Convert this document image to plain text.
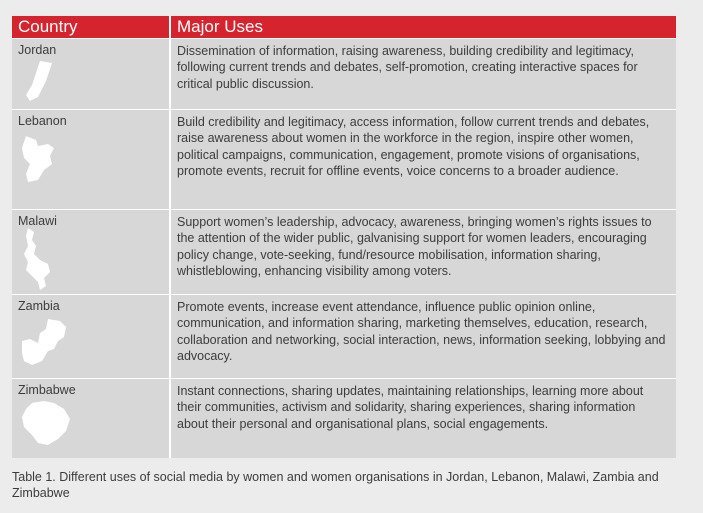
Country	Major Uses
Jordan	Dissemination of information, raising awareness, building credibility and legitimacy, following current trends and debates, self-promotion, creating interactive spaces for critical public discussion.
Lebanon	Build credibility and legitimacy, access information, follow current trends and debates, raise awareness about women in the workforce in the region, inspire other women, political campaigns, communication, engagement, promote visions of organisations, promote events, recruit for offline events, voice concerns to a broader audience.
Malawi	Support women’s leadership, advocacy, awareness, bringing women’s rights issues to the attention of the wider public, galvanising support for women leaders, encouraging policy change, vote-seeking, fund/resource mobilisation, information sharing, whistleblowing, enhancing visibility among voters.
Zambia	Promote events, increase event attendance, influence public opinion online, communication, and information sharing, marketing themselves, education, research, collaboration and networking, social interaction, news, information seeking, lobbying and advocacy.
Zimbabwe	Instant connections, sharing updates, maintaining relationships, learning more about their communities, activism and solidarity, sharing experiences, sharing information about their personal and organisational plans, social engagements.
Table 1. Different uses of social media by women and women organisations in Jordan, Lebanon, Malawi, Zambia and Zimbabwe
